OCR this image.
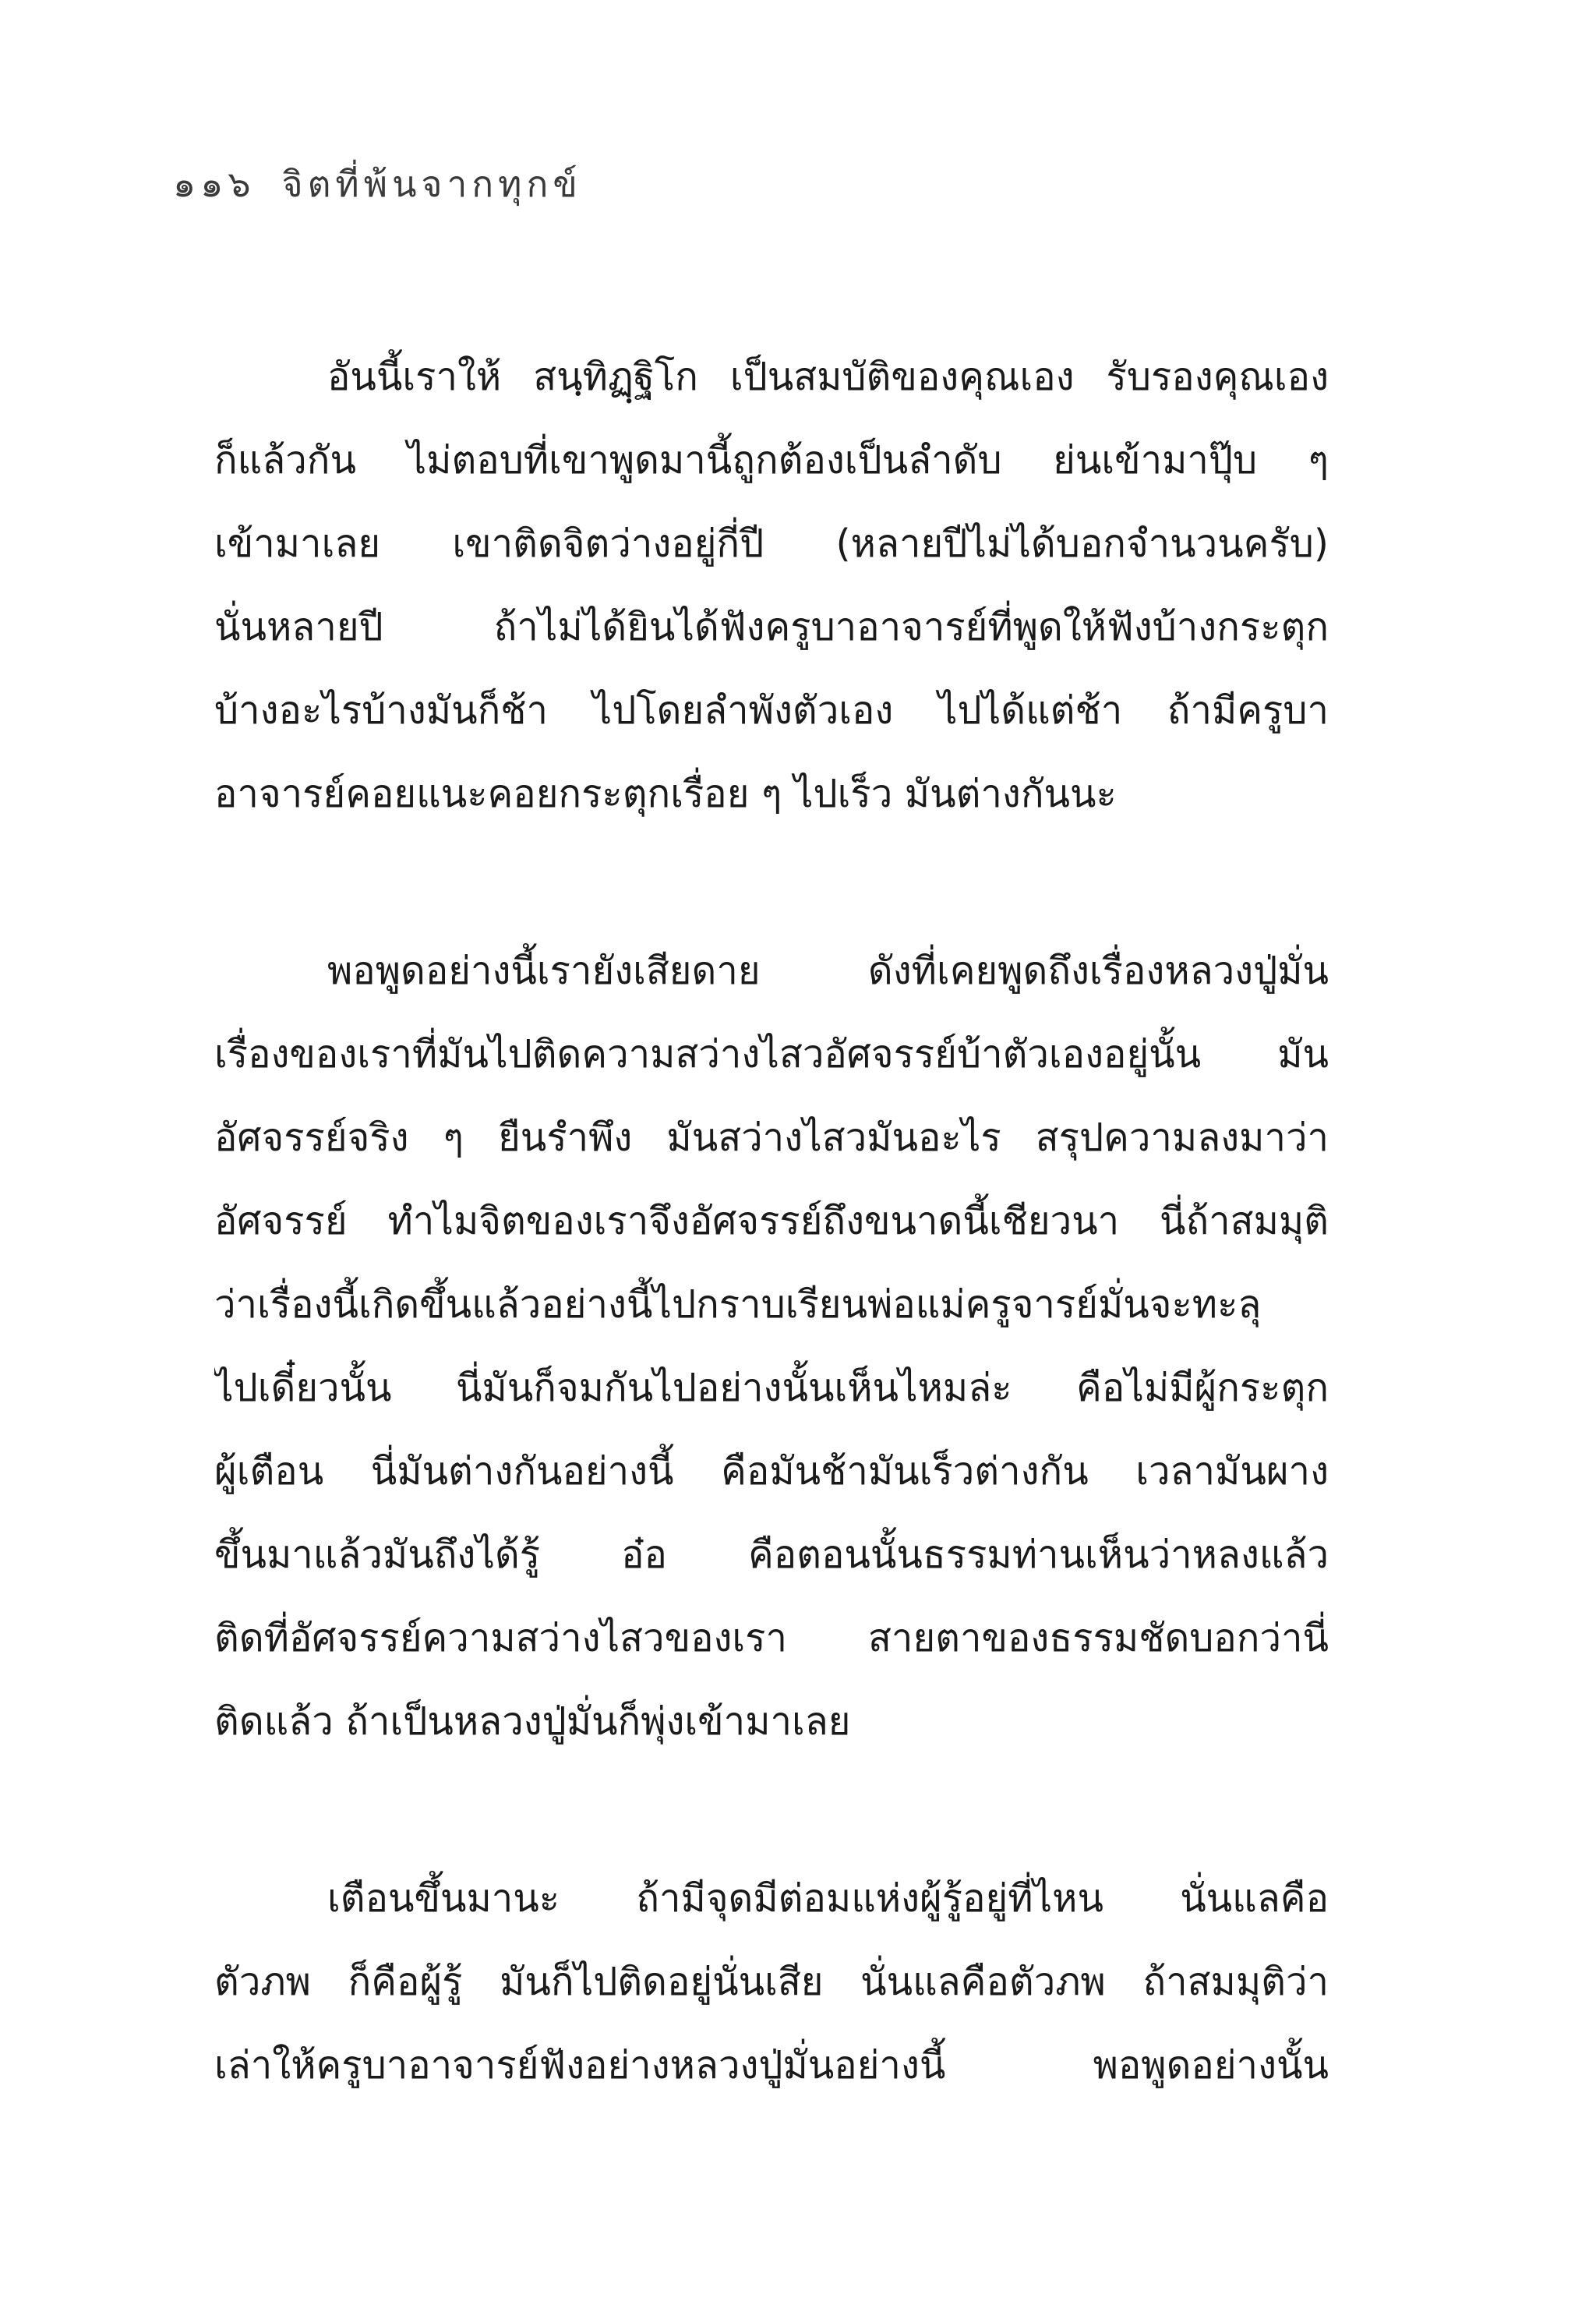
๑๑๖ จิตที่พ้นจากทุกข์
อันนี้เราให้ สนฺทิฏฺฐิโก เป็นสมบัติของคุณเอง รับรองคุณเอง
ก็แล้วกัน ไม่ตอบที่เขาพูดมานี้ถูกต้องเป็นลำดับ ย่นเข้ามาปุ๊บ ๆ
เข้ามาเลย เขาติดจิตว่างอยู่กี่ปี (หลายปีไม่ได้บอกจำนวนครับ)
นั่นหลายปี ถ้าไม่ได้ยินได้ฟังครูบาอาจารย์ที่พูดให้ฟังบ้างกระตุก
บ้างอะไรบ้างมันก็ช้า ไปโดยลำพังตัวเอง ไปได้แต่ช้า ถ้ามีครูบา
อาจารย์คอยแนะคอยกระตุกเรื่อย ๆ ไปเร็ว มันต่างกันนะ
พอพูดอย่างนี้เรายังเสียดาย ดังที่เคยพูดถึงเรื่องหลวงปู่มั่น
เรื่องของเราที่มันไปติดความสว่างไสวอัศจรรย์บ้าตัวเองอยู่นั้น มัน
อัศจรรย์จริง ๆ ยืนรำพึง มันสว่างไสวมันอะไร สรุปความลงมาว่า
อัศจรรย์ ทำไมจิตของเราจึงอัศจรรย์ถึงขนาดนี้เชียวนา นี่ถ้าสมมุติ
ว่าเรื่องนี้เกิดขึ้นแล้วอย่างนี้ไปกราบเรียนพ่อแม่ครูจารย์มั่นจะทะลุ
ไปเดี๋ยวนั้น นี่มันก็จมกันไปอย่างนั้นเห็นไหมล่ะ คือไม่มีผู้กระตุก
ผู้เตือน นี่มันต่างกันอย่างนี้ คือมันช้ามันเร็วต่างกัน เวลามันผาง
ขึ้นมาแล้วมันถึงได้รู้ อ๋อ คือตอนนั้นธรรมท่านเห็นว่าหลงแล้ว
ติดที่อัศจรรย์ความสว่างไสวของเรา สายตาของธรรมชัดบอกว่านี่
ติดแล้ว ถ้าเป็นหลวงปู่มั่นก็พุ่งเข้ามาเลย
เตือนขึ้นมานะ ถ้ามีจุดมีต่อมแห่งผู้รู้อยู่ที่ไหน นั่นแลคือ
ตัวภพ ก็คือผู้รู้ มันก็ไปติดอยู่นั่นเสีย นั่นแลคือตัวภพ ถ้าสมมุติว่า
เล่าให้ครูบาอาจารย์ฟังอย่างหลวงปู่มั่นอย่างนี้ พอพูดอย่างนั้น
